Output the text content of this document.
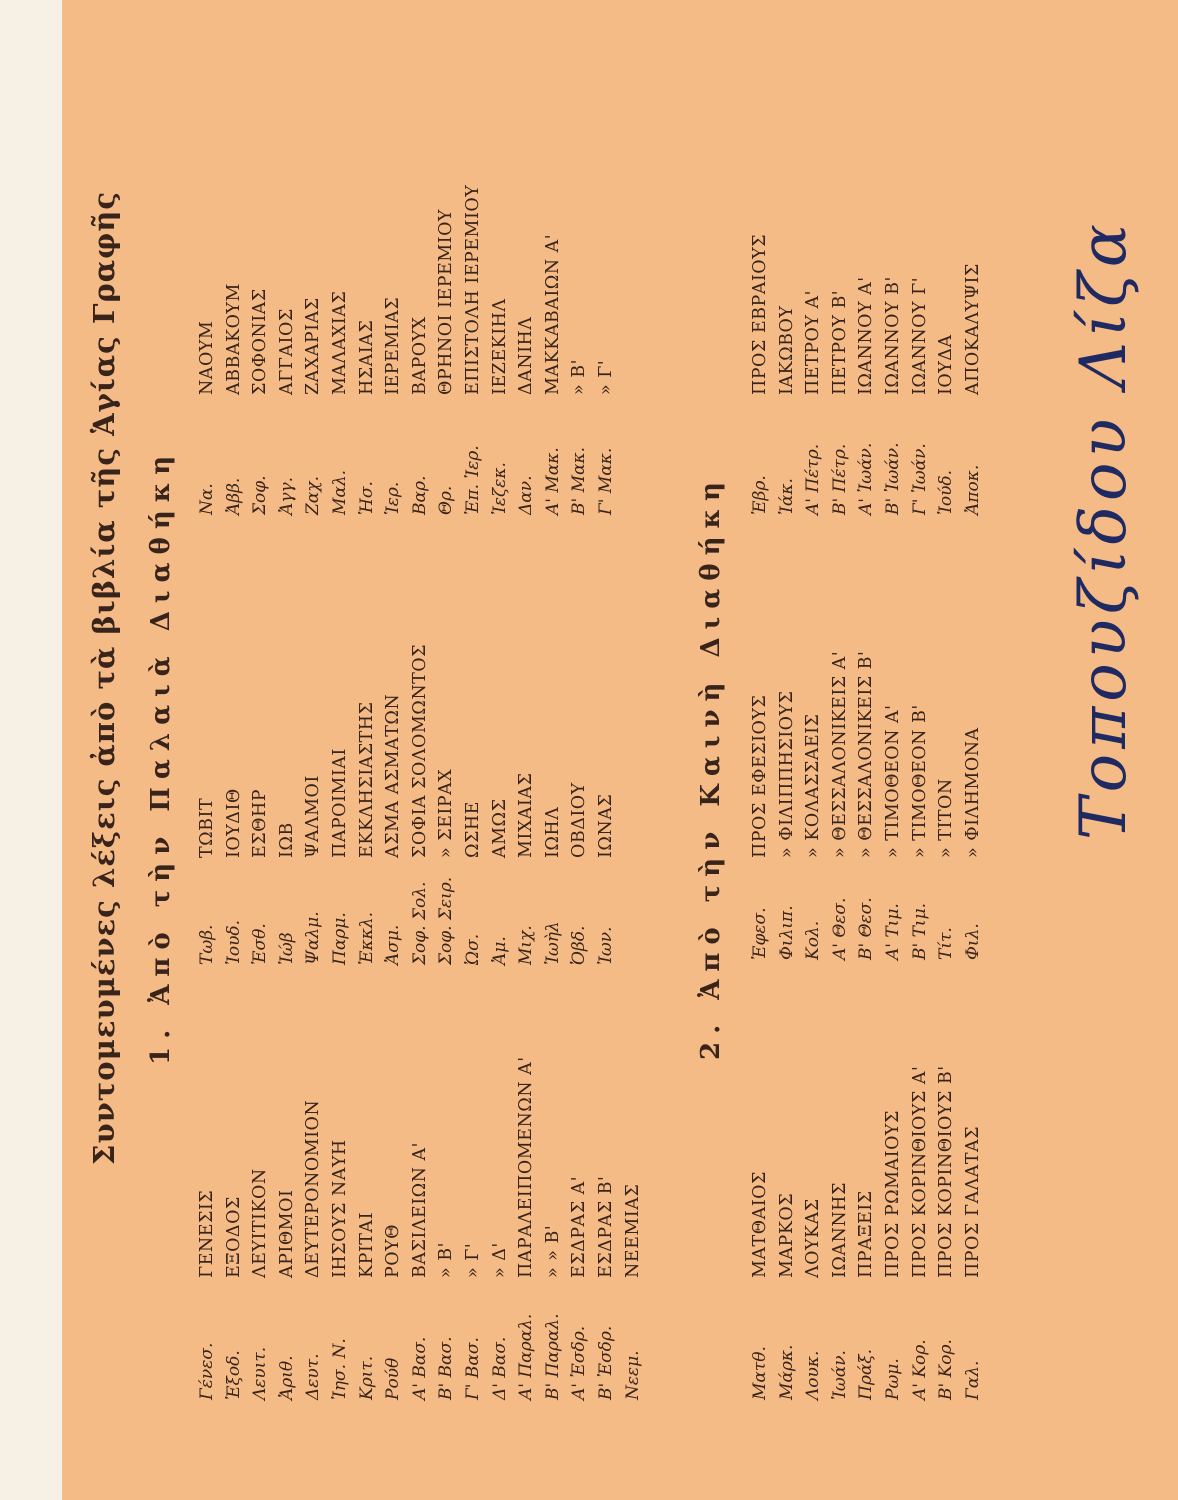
Συντομευμένες λέξεις ἀπὸ τὰ βιβλία τῆς Ἁγίας Γραφῆς 1. Ἀπὸ τὴν Παλαιὰ Διαθήκη	2. Ἀπὸ τὴν Καινὴ Διαθήκη	Τοπουζίδου Λίζα
Γένεσ.
ΓΕΝΕΣΙΣ
Ἐξοδ.
ΕΞΟΔΟΣ
Λευιτ.
ΛΕΥΙΤΙΚΟΝ
Ἀριθ.
ΑΡΙΘΜΟΙ
Δευτ.
ΔΕΥΤΕΡΟΝΟΜΙΟΝ
Ἰησ. Ν.
ΙΗΣΟΥΣ ΝΑΥΗ
Κριτ.
ΚΡΙΤΑΙ
Ρούθ
ΡΟΥΘ
Α' Βασ.
ΒΑΣΙΛΕΙΩΝ Α'
Β' Βασ.
» Β'
Γ' Βασ.
» Γ'
Δ' Βασ.
» Δ'
Α' Παραλ.
ΠΑΡΑΛΕΙΠΟΜΕΝΩΝ Α'
Β' Παραλ.
» » Β'
Α' Ἐσδρ.
ΕΣΔΡΑΣ Α'
Β' Ἐσδρ.
ΕΣΔΡΑΣ Β'
Νεεμ.
ΝΕΕΜΙΑΣ
Τωβ.
ΤΩΒΙΤ
Ἰουδ.
ΙΟΥΔΙΘ
Ἐσθ.
ΕΣΘΗΡ
Ἰώβ
ΙΩΒ
Ψαλμ.
ΨΑΛΜΟΙ
Παρμ.
ΠΑΡΟΙΜΙΑΙ
Ἐκκλ.
ΕΚΚΛΗΣΙΑΣΤΗΣ
Ἀσμ.
ΑΣΜΑ ΑΣΜΑΤΩΝ
Σοφ. Σολ.
ΣΟΦΙΑ ΣΟΛΟΜΩΝΤΟΣ
Σοφ. Σειρ.
» ΣΕΙΡΑΧ
Ὠσ.
ΩΣΗΕ
Ἀμ.
ΑΜΩΣ
Μιχ.
ΜΙΧΑΙΑΣ
Ἰωὴλ
ΙΩΗΛ
Ὀβδ.
ΟΒΔΙΟΥ
Ἰων.
ΙΩΝΑΣ
Να.
ΝΑΟΥΜ
Ἀββ.
ΑΒΒΑΚΟΥΜ
Σοφ.
ΣΟΦΟΝΙΑΣ
Ἀγγ.
ΑΓΓΑΙΟΣ
Ζαχ.
ΖΑΧΑΡΙΑΣ
Μαλ.
ΜΑΛΑΧΙΑΣ
Ἡσ.
ΗΣΑΙΑΣ
Ἱερ.
ΙΕΡΕΜΙΑΣ
Βαρ.
ΒΑΡΟΥΧ
Θρ.
ΘΡΗΝΟΙ ΙΕΡΕΜΙΟΥ
Ἐπ. Ἱερ.
ΕΠΙΣΤΟΛΗ ΙΕΡΕΜΙΟΥ
Ἰεζεκ.
ΙΕΖΕΚΙΗΛ
Δαν.
ΔΑΝΙΗΛ
Α' Μακ.
ΜΑΚΚΑΒΑΙΩΝ Α'
Β' Μακ.
» Β'
Γ' Μακ.
» Γ'
Ματθ.
ΜΑΤΘΑΙΟΣ
Μάρκ.
ΜΑΡΚΟΣ
Λουκ.
ΛΟΥΚΑΣ
Ἰωάν.
ΙΩΑΝΝΗΣ
Πράξ.
ΠΡΑΞΕΙΣ
Ρωμ.
ΠΡΟΣ ΡΩΜΑΙΟΥΣ
Α' Κορ.
ΠΡΟΣ ΚΟΡΙΝΘΙΟΥΣ Α'
Β' Κορ.
ΠΡΟΣ ΚΟΡΙΝΘΙΟΥΣ Β'
Γαλ.
ΠΡΟΣ ΓΑΛΑΤΑΣ
Ἐφεσ.
ΠΡΟΣ ΕΦΕΣΙΟΥΣ
Φιλιπ.
» ΦΙΛΙΠΠΗΣΙΟΥΣ
Κολ.
» ΚΟΛΑΣΣΑΕΙΣ
Α' Θεσ.
» ΘΕΣΣΑΛΟΝΙΚΕΙΣ Α'
Β' Θεσ.
» ΘΕΣΣΑΛΟΝΙΚΕΙΣ Β'
Α' Τιμ.
» ΤΙΜΟΘΕΟΝ Α'
Β' Τιμ.
» ΤΙΜΟΘΕΟΝ Β'
Τίτ.
» ΤΙΤΟΝ
Φιλ.
» ΦΙΛΗΜΟΝΑ
Ἐβρ.
ΠΡΟΣ ΕΒΡΑΙΟΥΣ
Ἰάκ.
ΙΑΚΩΒΟΥ
Α' Πέτρ.
ΠΕΤΡΟΥ Α'
Β' Πέτρ.
ΠΕΤΡΟΥ Β'
Α' Ἰωάν.
ΙΩΑΝΝΟΥ Α'
Β' Ἰωάν.
ΙΩΑΝΝΟΥ Β'
Γ' Ἰωάν.
ΙΩΑΝΝΟΥ Γ'
Ἰούδ.
ΙΟΥΔΑ
Ἀποκ.
ΑΠΟΚΑΛΥΨΙΣ
